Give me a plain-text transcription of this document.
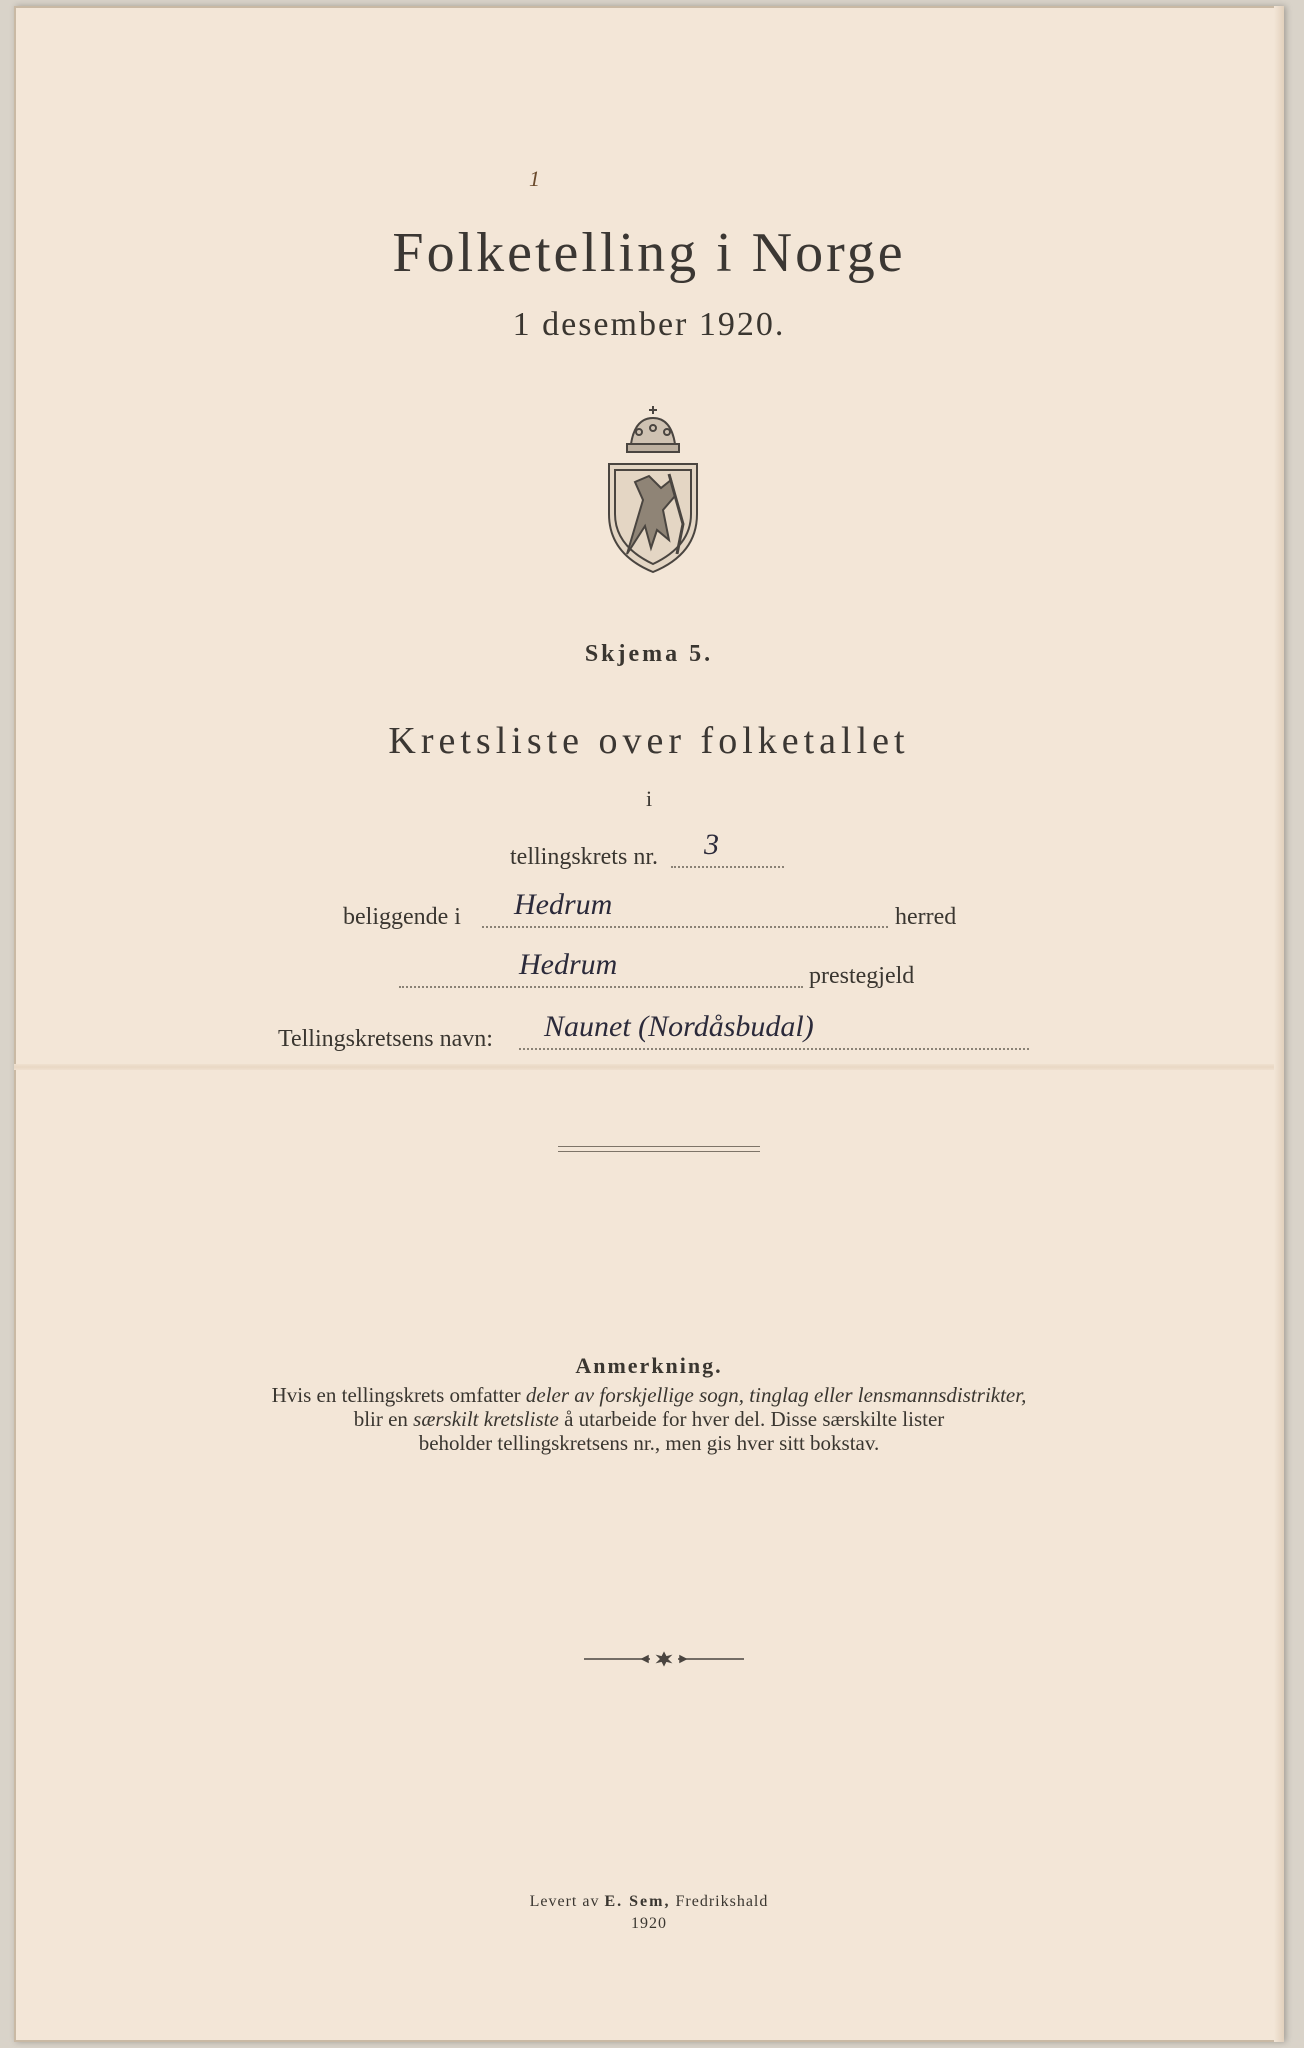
1
Folketelling i Norge
1 desember 1920.
Skjema 5.
Kretsliste over folketallet
i
tellingskrets nr. 3
beliggende i Hedrum	herred
Hedrum	prestegjeld
Tellingskretsens navn: Naunet (Nordåsbudal)
Anmerkning.
Hvis en tellingskrets omfatter deler av forskjellige sogn, tinglag eller lensmannsdistrikter,
blir en særskilt kretsliste å utarbeide for hver del. Disse særskilte lister
beholder tellingskretsens nr., men gis hver sitt bokstav.
Levert av E. Sem, Fredrikshald
1920
